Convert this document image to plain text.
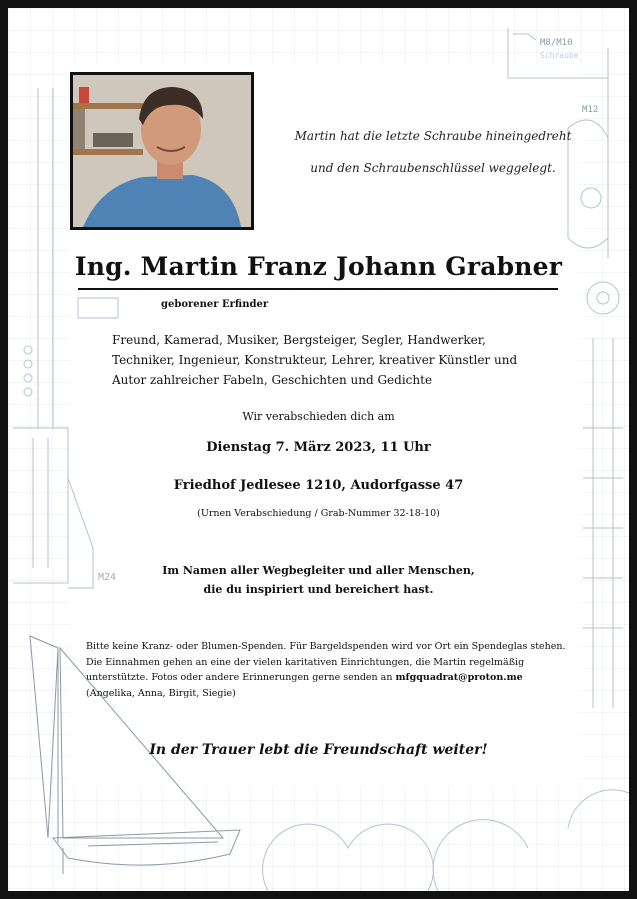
M8/M10
Schraube
M12
M24
Martin hat die letzte Schraube hineingedreht
und den Schraubenschlüssel weggelegt.
Ing. Martin Franz Johann Grabner
geborener Erfinder
Freund, Kamerad, Musiker, Bergsteiger, Segler, Handwerker, Techniker, Ingenieur, Konstrukteur, Lehrer, kreativer Künstler und Autor zahlreicher Fabeln, Geschichten und Gedichte
Wir verabschieden dich am
Dienstag 7. März 2023, 11 Uhr
Friedhof Jedlesee 1210, Audorfgasse 47
(Urnen Verabschiedung / Grab-Nummer 32-18-10)
Im Namen aller Wegbegleiter und aller Menschen,
die du inspiriert und bereichert hast.
Bitte keine Kranz- oder Blumen-Spenden. Für Bargeldspenden wird vor Ort ein Spendeglas stehen. Die Einnahmen gehen an eine der vielen karitativen Einrichtungen, die Martin regelmäßig unterstützte. Fotos oder andere Erinnerungen gerne senden an mfgquadrat@proton.me
(Angelika, Anna, Birgit, Siegie)
In der Trauer lebt die Freundschaft weiter!
